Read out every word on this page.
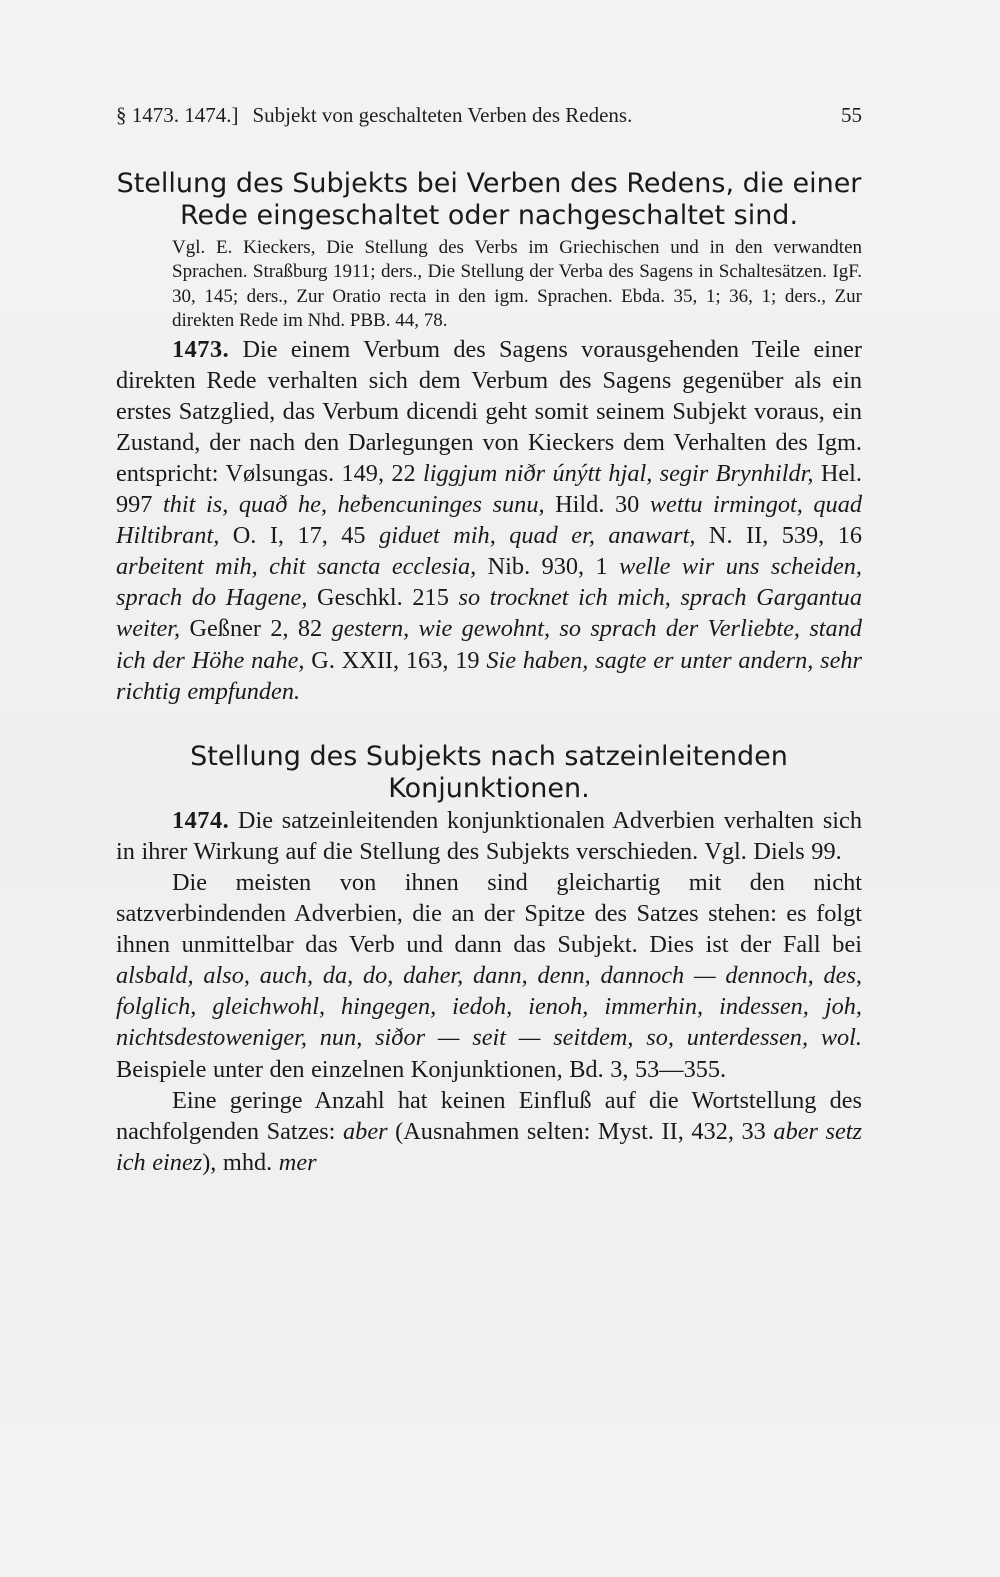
§ 1473. 1474.] Subjekt von geschalteten Verben des Redens.	55
Stellung des Subjekts bei Verben des Redens, die einer Rede eingeschaltet oder nachgeschaltet sind.
Vgl. E. Kieckers, Die Stellung des Verbs im Griechischen und in den verwandten Sprachen. Straßburg 1911; ders., Die Stellung der Verba des Sagens in Schaltesätzen. IgF. 30, 145; ders., Zur Oratio recta in den igm. Sprachen. Ebda. 35, 1; 36, 1; ders., Zur direkten Rede im Nhd. PBB. 44, 78.

1473. Die einem Verbum des Sagens vorausgehenden Teile einer direkten Rede verhalten sich dem Verbum des Sagens gegenüber als ein erstes Satzglied, das Verbum dicendi geht somit seinem Subjekt voraus, ein Zustand, der nach den Darlegungen von Kieckers dem Verhalten des Igm. entspricht: Vølsungas. 149, 22 liggjum niðr únýtt hjal, segir Brynhildr, Hel. 997 thit is, quað he, heƀencuninges sunu, Hild. 30 wettu irmingot, quad Hiltibrant, O. I, 17, 45 giduet mih, quad er, anawart, N. II, 539, 16 arbeitent mih, chit sancta ecclesia, Nib. 930, 1 welle wir uns scheiden, sprach do Hagene, Geschkl. 215 so trocknet ich mich, sprach Gargantua weiter, Geßner 2, 82 gestern, wie gewohnt, so sprach der Verliebte, stand ich der Höhe nahe, G. XXII, 163, 19 Sie haben, sagte er unter andern, sehr richtig empfunden.

Stellung des Subjekts nach satzeinleitenden Konjunktionen.

1474. Die satzeinleitenden konjunktionalen Adverbien verhalten sich in ihrer Wirkung auf die Stellung des Subjekts verschieden. Vgl. Diels 99.

Die meisten von ihnen sind gleichartig mit den nicht satzverbindenden Adverbien, die an der Spitze des Satzes stehen: es folgt ihnen unmittelbar das Verb und dann das Subjekt. Dies ist der Fall bei alsbald, also, auch, da, do, daher, dann, denn, dannoch — dennoch, des, folglich, gleichwohl, hingegen, iedoh, ienoh, immerhin, indessen, joh, nichtsdestoweniger, nun, siðor — seit — seitdem, so, unterdessen, wol. Beispiele unter den einzelnen Konjunktionen, Bd. 3, 53—355.

Eine geringe Anzahl hat keinen Einfluß auf die Wortstellung des nachfolgenden Satzes: aber (Ausnahmen selten: Myst. II, 432, 33 aber setz ich einez), mhd. mer
